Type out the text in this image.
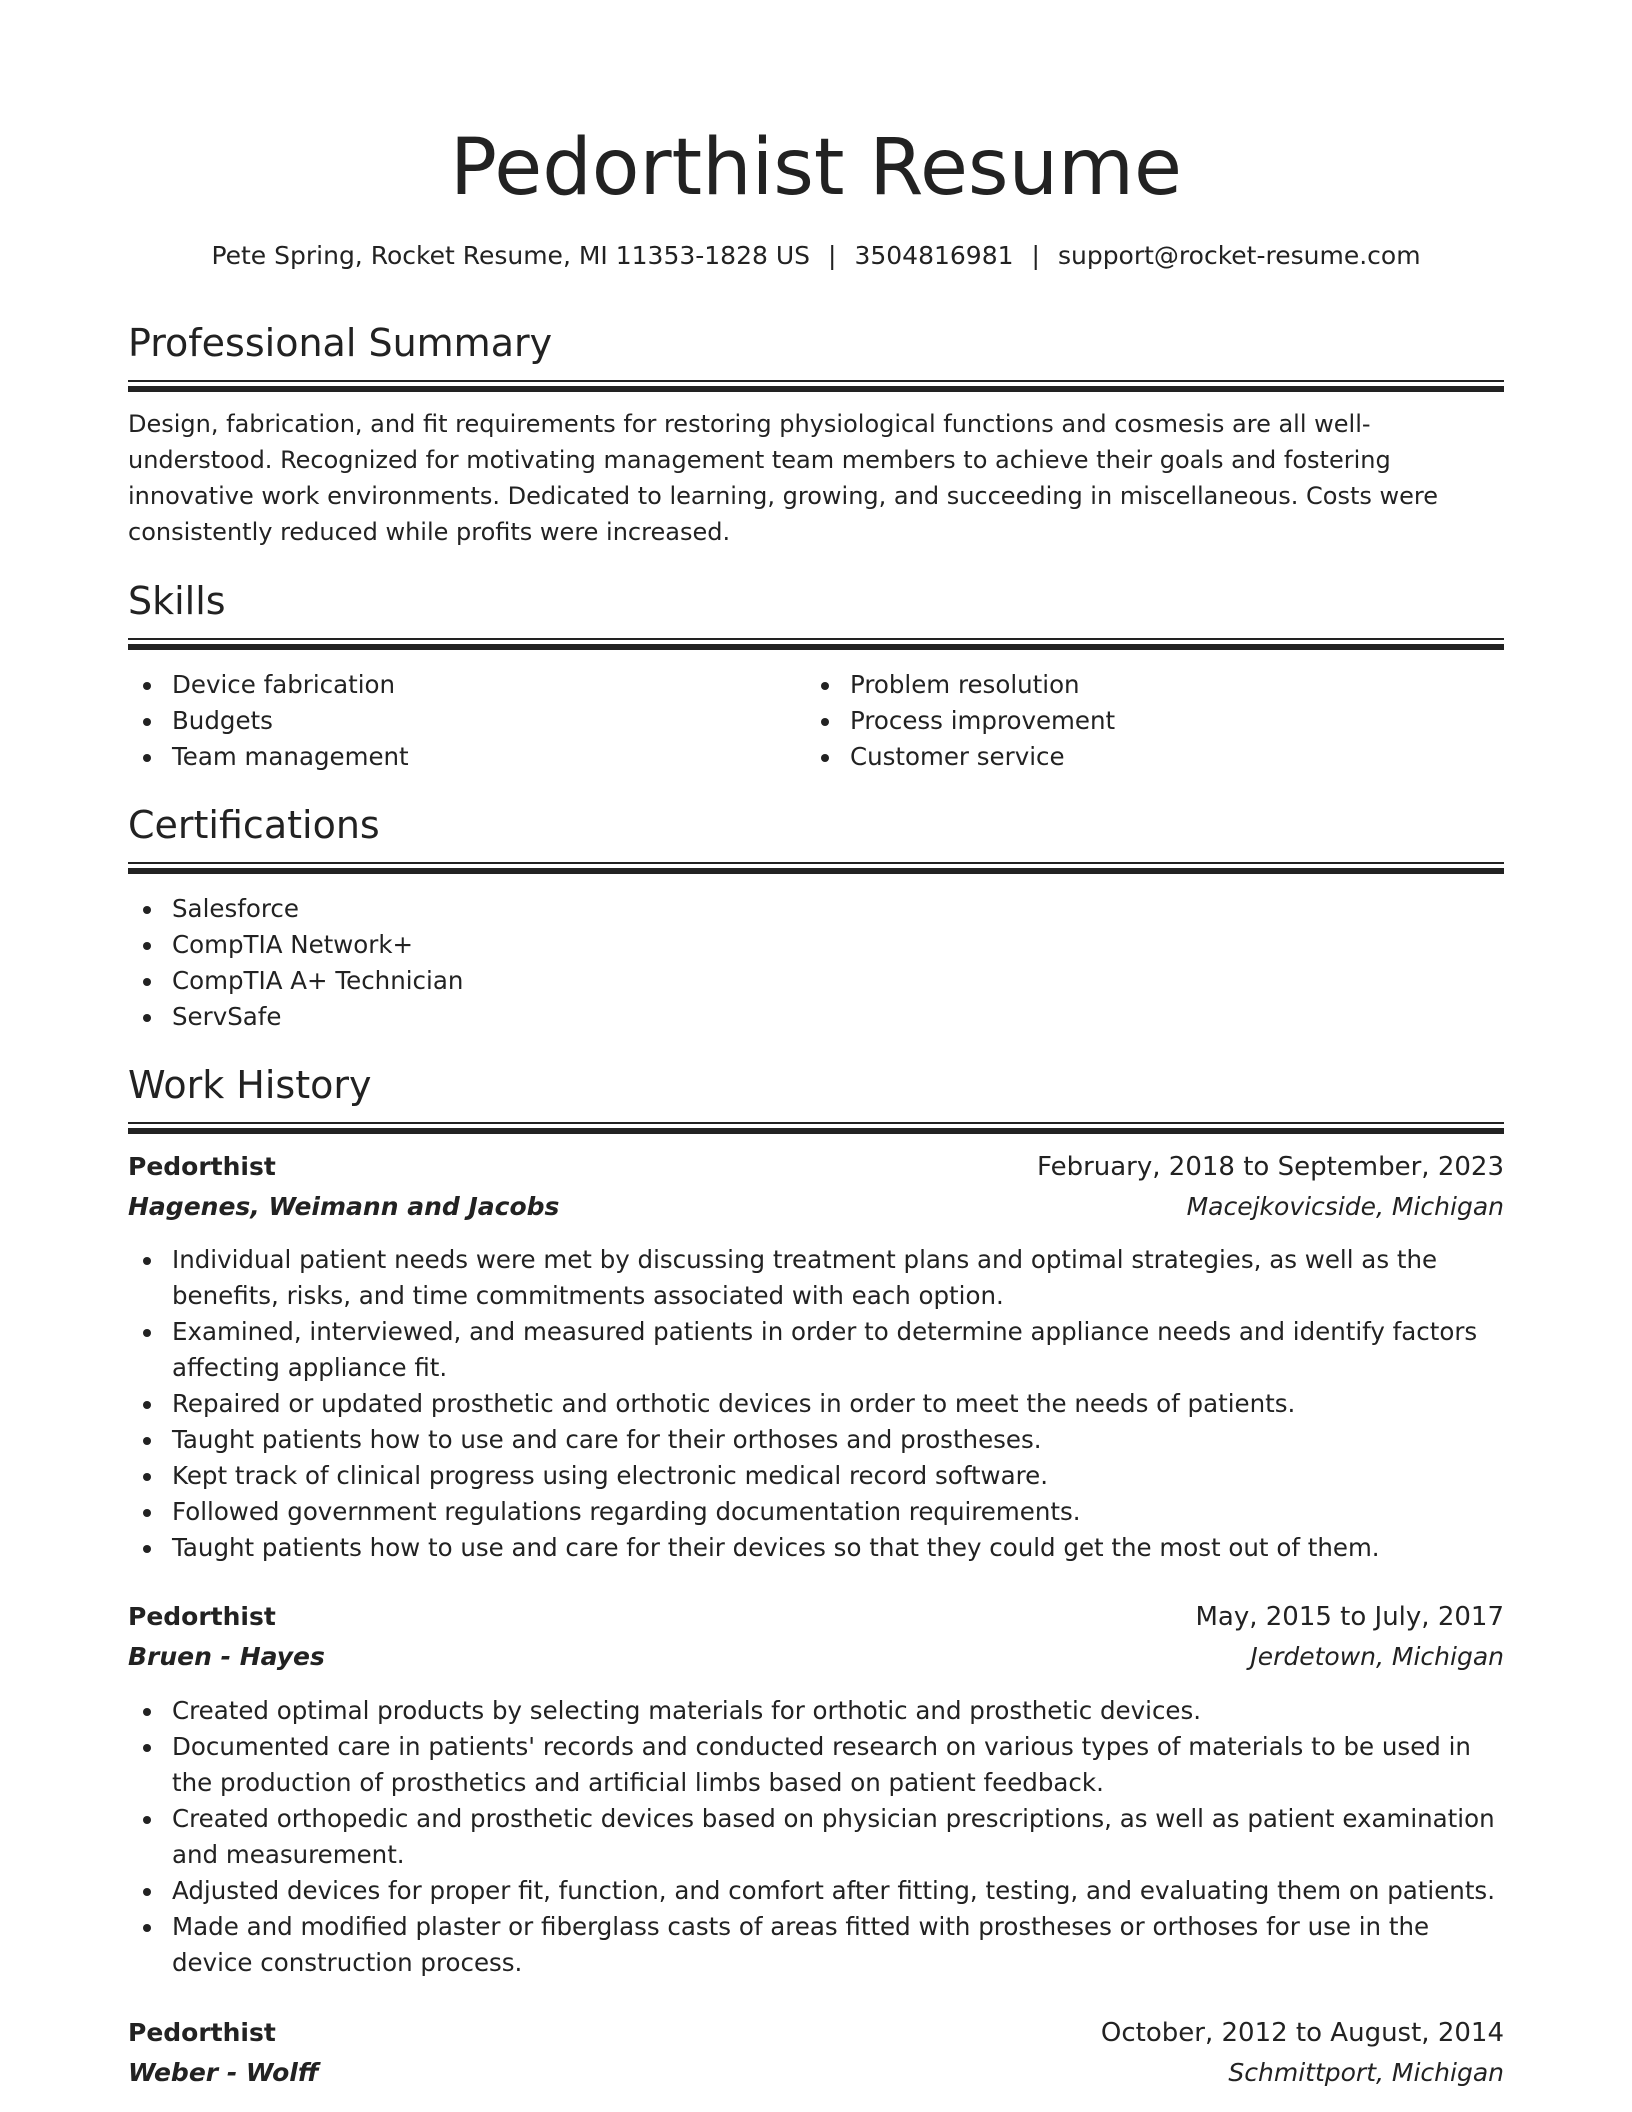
Pedorthist Resume
Pete Spring, Rocket Resume, MI 11353-1828 US | 3504816981 | support@rocket-resume.com
Professional Summary

Design, fabrication, and fit requirements for restoring physiological functions and cosmesis are all well-understood. Recognized for motivating management team members to achieve their goals and fostering innovative work environments. Dedicated to learning, growing, and succeeding in miscellaneous. Costs were consistently reduced while profits were increased.

Skills
Device fabrication
Budgets
Team management
Problem resolution
Process improvement
Customer service
Certifications
Salesforce
CompTIA Network+
CompTIA A+ Technician
ServSafe
Work History
Pedorthist	February, 2018 to September, 2023
Hagenes, Weimann and Jacobs	Macejkovicside, Michigan
Individual patient needs were met by discussing treatment plans and optimal strategies, as well as the benefits, risks, and time commitments associated with each option.
Examined, interviewed, and measured patients in order to determine appliance needs and identify factors affecting appliance fit.
Repaired or updated prosthetic and orthotic devices in order to meet the needs of patients.
Taught patients how to use and care for their orthoses and prostheses.
Kept track of clinical progress using electronic medical record software.
Followed government regulations regarding documentation requirements.
Taught patients how to use and care for their devices so that they could get the most out of them.
Pedorthist	May, 2015 to July, 2017
Bruen - Hayes	Jerdetown, Michigan
Created optimal products by selecting materials for orthotic and prosthetic devices.
Documented care in patients' records and conducted research on various types of materials to be used in the production of prosthetics and artificial limbs based on patient feedback.
Created orthopedic and prosthetic devices based on physician prescriptions, as well as patient examination and measurement.
Adjusted devices for proper fit, function, and comfort after fitting, testing, and evaluating them on patients.
Made and modified plaster or fiberglass casts of areas fitted with prostheses or orthoses for use in the device construction process.
Pedorthist	October, 2012 to August, 2014
Weber - Wolff	Schmittport, Michigan
